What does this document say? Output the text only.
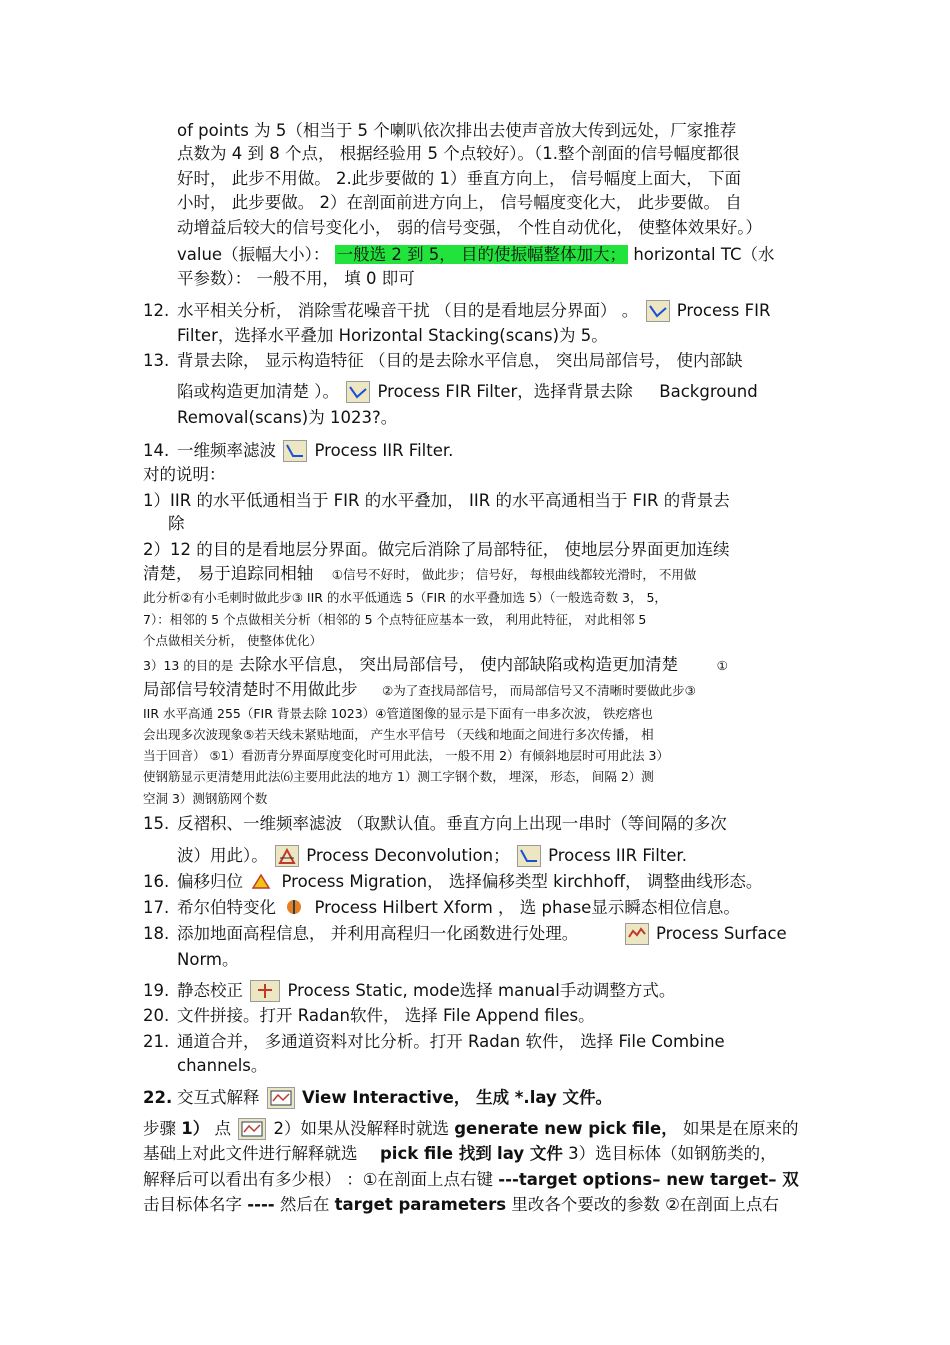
of points 为 5（相当于 5 个喇叭依次排出去使声音放大传到远处，厂家推荐
点数为 4 到 8 个点， 根据经验用 5 个点较好）。（1.整个剖面的信号幅度都很
好时， 此步不用做。 2.此步要做的 1）垂直方向上， 信号幅度上面大， 下面
小时， 此步要做。 2）在剖面前进方向上， 信号幅度变化大， 此步要做。 自
动增益后较大的信号变化小， 弱的信号变强， 个性自动优化， 使整体效果好。）
value（振幅大小）： 一般选 2 到 5， 目的使振幅整体加大； horizontal TC（水
平参数）： 一般不用， 填 0 即可
12. 水平相关分析， 消除雪花噪音干扰 （目的是看地层分界面） 。 Process FIR
Filter，选择水平叠加 Horizontal Stacking(scans)为 5。
13. 背景去除， 显示构造特征 （目的是去除水平信息， 突出局部信号， 使内部缺
陷或构造更加清楚 ）。 Process FIR Filter，选择背景去除 Background
Removal(scans)为 1023?。
14. 一维频率滤波 Process IIR Filter.
对的说明：
1）IIR 的水平低通相当于 FIR 的水平叠加， IIR 的水平高通相当于 FIR 的背景去
除
2）12 的目的是看地层分界面。做完后消除了局部特征， 使地层分界面更加连续
清楚， 易于追踪同相轴 ①信号不好时， 做此步； 信号好， 每根曲线都较光滑时， 不用做
此分析②有小毛刺时做此步③ IIR 的水平低通选 5（FIR 的水平叠加选 5）（一般选奇数 3， 5，
7）：相邻的 5 个点做相关分析（相邻的 5 个点特征应基本一致， 利用此特征， 对此相邻 5
个点做相关分析， 使整体优化）
3）13 的目的是 去除水平信息， 突出局部信号， 使内部缺陷或构造更加清楚	①
局部信号较清楚时不用做此步 ②为了查找局部信号， 而局部信号又不清晰时要做此步③
IIR 水平高通 255（FIR 背景去除 1023）④管道图像的显示是下面有一串多次波， 铁疙瘩也
会出现多次波现象⑤若天线未紧贴地面， 产生水平信号 （天线和地面之间进行多次传播， 相
当于回音） ⑤1）看沥青分界面厚度变化时可用此法， 一般不用 2）有倾斜地层时可用此法 3）
使钢筋显示更清楚用此法⑹主要用此法的地方 1）测工字钢个数， 埋深， 形态， 间隔 2）测
空洞 3）测钢筋网个数
15. 反褶积、一维频率滤波 （取默认值。垂直方向上出现一串时（等间隔的多次
波）用此）。 Process Deconvolution； Process IIR Filter.
16. 偏移归位 Process Migration， 选择偏移类型 kirchhoff， 调整曲线形态。
17. 希尔伯特变化 Process Hilbert Xform ， 选 phase显示瞬态相位信息。
18. 添加地面高程信息， 并利用高程归一化函数进行处理。	Process Surface
Norm。
19. 静态校正	Process Static, mode选择 manual手动调整方式。
20. 文件拼接。打开 Radan软件， 选择 File Append files。
21. 通道合并， 多通道资料对比分析。打开 Radan 软件， 选择 File Combine
channels。
22. 交互式解释	View Interactive， 生成 *.lay 文件。
步骤 1） 点	2）如果从没解释时就选 generate new pick file， 如果是在原来的
基础上对此文件进行解释就选 pick file 找到 lay 文件 3）选目标体（如钢筋类的，
解释后可以看出有多少根） ：①在剖面上点右键 ---target options– new target– 双
击目标体名字 ---- 然后在 target parameters 里改各个要改的参数 ②在剖面上点右
